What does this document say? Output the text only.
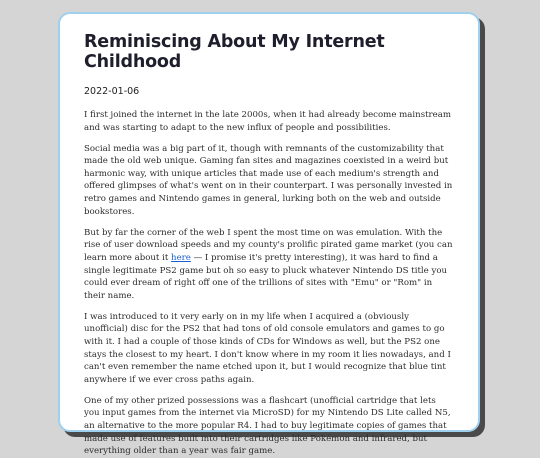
Reminiscing About My Internet Childhood
2022-01-06

I first joined the internet in the late 2000s, when it had already become mainstream and was starting to adapt to the new influx of people and possibilities.

Social media was a big part of it, though with remnants of the customizability that made the old web unique. Gaming fan sites and magazines coexisted in a weird but harmonic way, with unique articles that made use of each medium's strength and offered glimpses of what's went on in their counterpart. I was personally invested in retro games and Nintendo games in general, lurking both on the web and outside bookstores.

But by far the corner of the web I spent the most time on was emulation. With the rise of user download speeds and my county's prolific pirated game market (you can learn more about it here — I promise it's pretty interesting), it was hard to find a single legitimate PS2 game but oh so easy to pluck whatever Nintendo DS title you could ever dream of right off one of the trillions of sites with "Emu" or "Rom" in their name.

I was introduced to it very early on in my life when I acquired a (obviously unofficial) disc for the PS2 that had tons of old console emulators and games to go with it. I had a couple of those kinds of CDs for Windows as well, but the PS2 one stays the closest to my heart. I don't know where in my room it lies nowadays, and I can't even remember the name etched upon it, but I would recognize that blue tint anywhere if we ever cross paths again.

One of my other prized possessions was a flashcart (unofficial cartridge that lets you input games from the internet via MicroSD) for my Nintendo DS Lite called N5, an alternative to the more popular R4. I had to buy legitimate copies of games that made use of features built into their cartridges like Pokémon and infrared, but everything older than a year was fair game.
